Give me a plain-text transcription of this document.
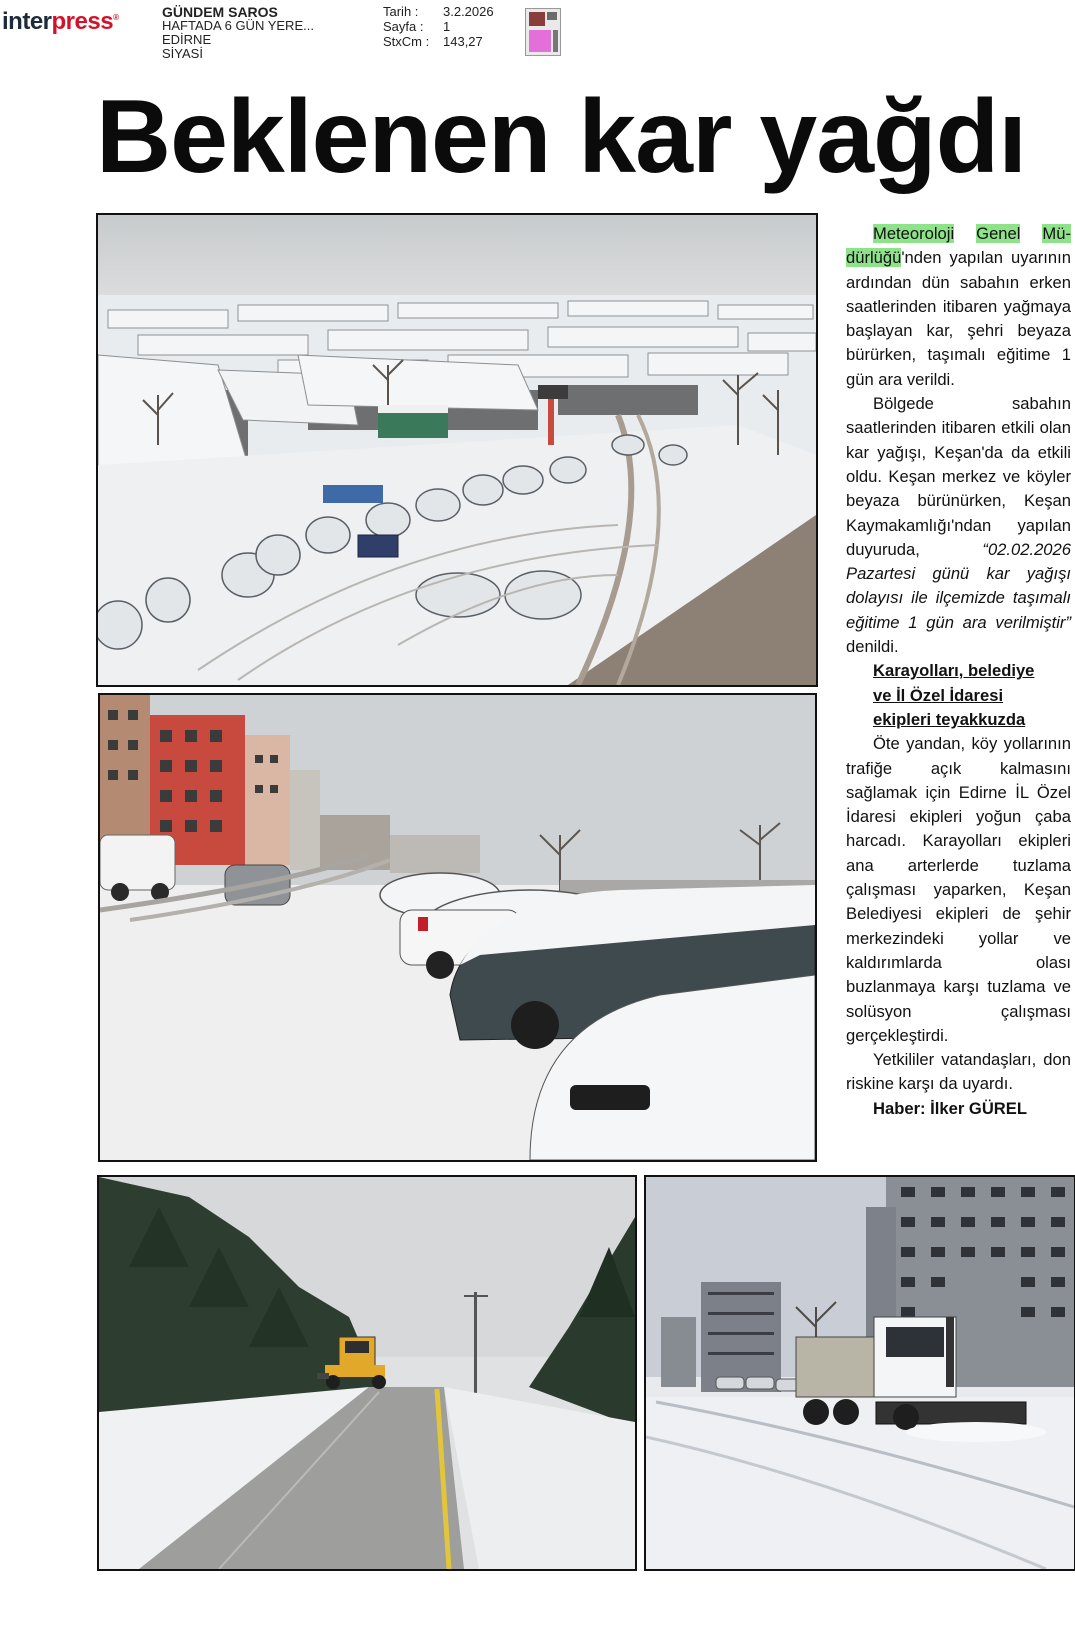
interpress®	GÜNDEM SAROS
HAFTADA 6 GÜN YERE...
EDİRNE
SİYASİ
Tarih :	3.2.2026
Sayfa :	1
StxCm :	143,27
Beklenen kar yağdı

Meteoroloji Genel Mü-dürlüğü'nden yapılan uyarının ardından dün sabahın erken saatlerinden itibaren yağmaya başlayan kar, şehri beyaza bürürken, taşımalı eğitime 1 gün ara verildi.

Bölgede sabahın saatlerinden itibaren etkili olan kar yağışı, Keşan'da da etkili oldu. Keşan merkez ve köyler beyaza bürünürken, Keşan Kaymakamlığı'ndan yapılan duyuruda, “02.02.2026 Pazartesi günü kar yağışı dolayısı ile ilçemizde taşımalı eğitime 1 gün ara verilmiştir” denildi.

Karayolları, belediye
ve İl Özel İdaresi
ekipleri teyakkuzda

Öte yandan, köy yollarının trafiğe açık kalmasını sağlamak için Edirne İL Özel İdaresi ekipleri yoğun çaba harcadı. Karayolları ekipleri ana arterlerde tuzlama çalışması yaparken, Keşan Belediyesi ekipleri de şehir merkezindeki yollar ve kaldırımlarda olası buzlanmaya karşı tuzlama ve solüsyon çalışması gerçekleştirdi.

Yetkililer vatandaşları, don riskine karşı da uyardı.

Haber: İlker GÜREL
